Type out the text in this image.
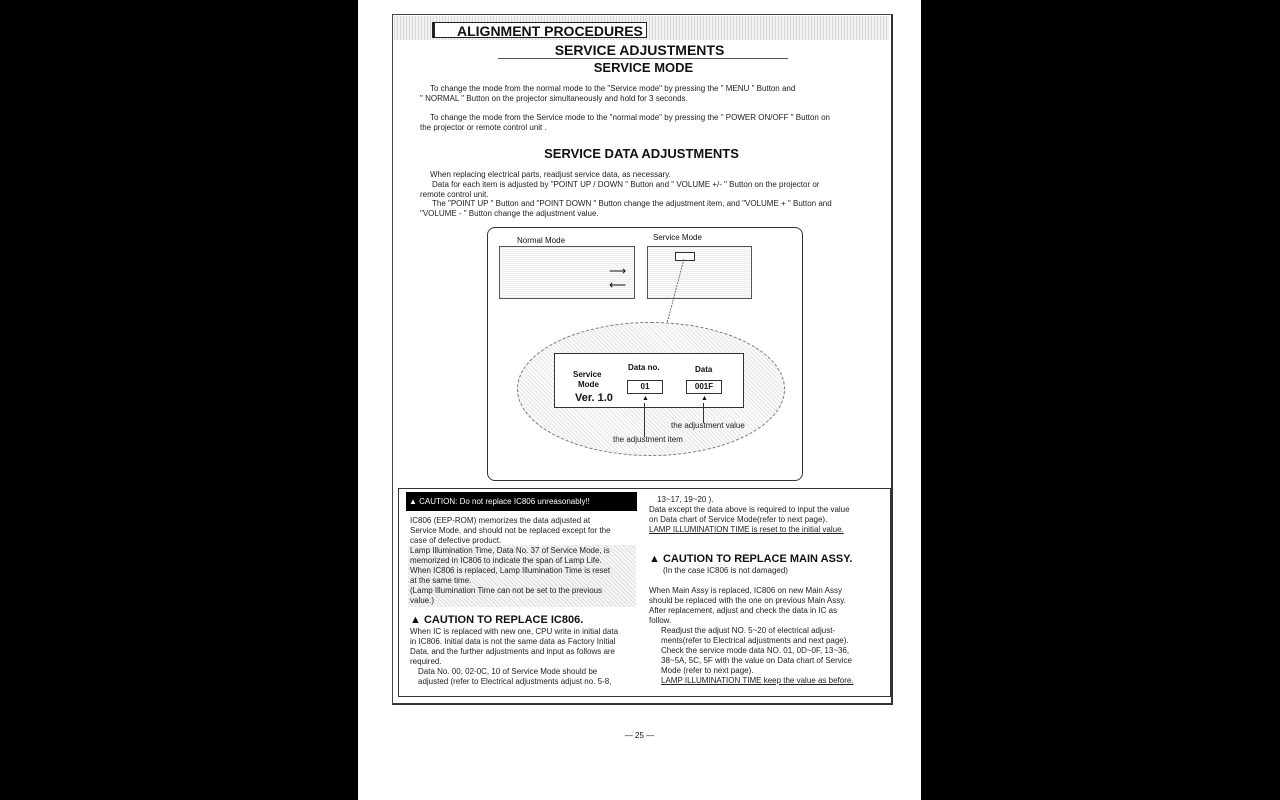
ALIGNMENT PROCEDURES
SERVICE ADJUSTMENTS
SERVICE MODE
To change the mode from the normal mode to the "Service mode" by pressing the " MENU " Button and
" NORMAL " Button on the projector simultaneously and hold for 3 seconds.
To change the mode from the Service mode to the "normal mode" by pressing the " POWER ON/OFF " Button on
the projector or remote control unit .
SERVICE DATA ADJUSTMENTS
When replacing electrical parts, readjust service data, as necessary.
Data for each item is adjusted by "POINT UP / DOWN " Button and " VOLUME +/- " Button on the projector or
remote control unit.
The "POINT UP " Button and "POINT DOWN " Button change the adjustment item, and "VOLUME + " Button and
"VOLUME - " Button change the adjustment value.
Normal Mode	Service Mode
⟶
⟵
Service
Mode
Ver. 1.0
Data no.	Data
01	001F
▲	▲
the adjustment value
the adjustment item
▲ CAUTION: Do not replace IC806 unreasonably!!
IC806 (EEP-ROM) memorizes the data adjusted at
Service Mode, and should not be replaced except for the
case of defective product.
Lamp Illumination Time, Data No. 37 of Service Mode, is
memorized in IC806 to indicate the span of Lamp Life.
When IC806 is replaced, Lamp Illumination Time is reset
at the same time.
(Lamp Illumination Time can not be set to the previous
value.)
▲ CAUTION TO REPLACE IC806.
When IC is replaced with new one, CPU write in initial data
in IC806. Initial data is not the same data as Factory Initial
Data, and the further adjustments and input as follows are
required.
Data No. 00, 02-0C, 10 of Service Mode should be
adjusted (refer to Electrical adjustments adjust no. 5-8,
13~17, 19~20 ).
Data except the data above is required to input the value
on Data chart of Service Mode(refer to next page).
LAMP ILLUMINATION TIME is reset to the initial value.
▲ CAUTION TO REPLACE MAIN ASSY.
(In the case IC806 is not damaged)
When Main Assy is replaced, IC806 on new Main Assy
should be replaced with the one on previous Main Assy.
After replacement, adjust and check the data in IC as
follow.
Readjust the adjust NO. 5~20 of electrical adjust-
ments(refer to Electrical adjustments and next page).
Check the service mode data NO. 01, 0D~0F, 13~36,
38~5A, 5C, 5F with the value on Data chart of Service
Mode (refer to next page).
LAMP ILLUMINATION TIME keep the value as before.
— 25 —
